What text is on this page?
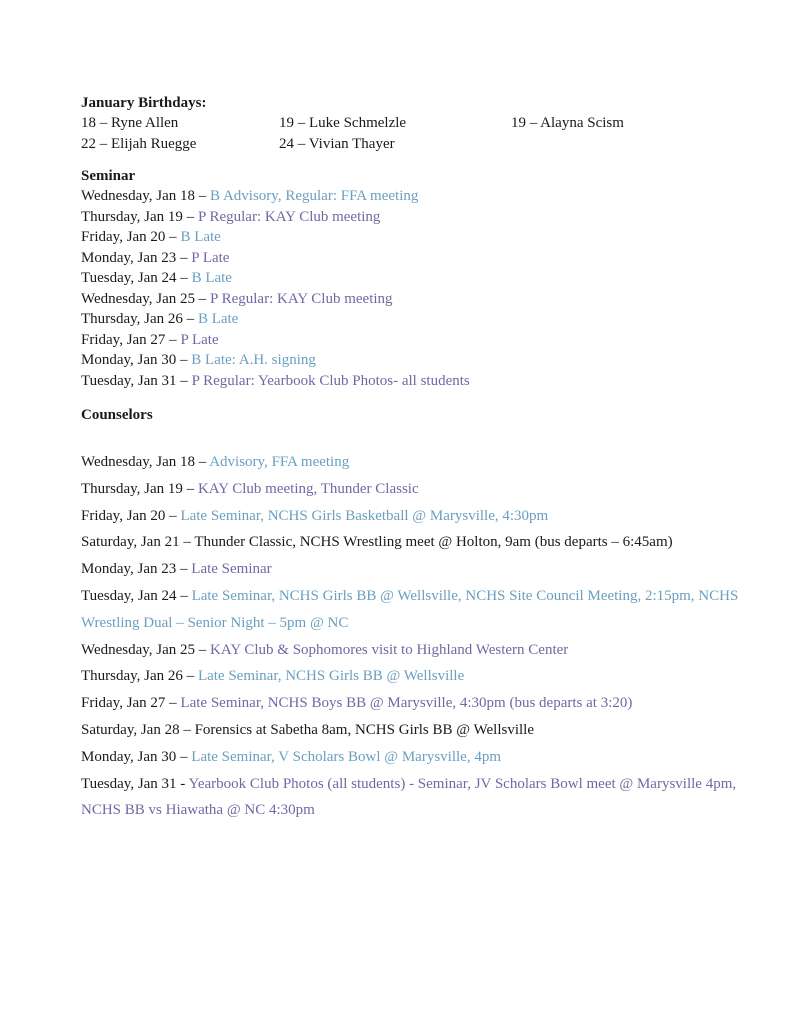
January Birthdays:
18 – Ryne Allen	19 – Luke Schmelzle	19 – Alayna Scism
22 – Elijah Ruegge	24 – Vivian Thayer
Seminar
Wednesday, Jan 18 – B Advisory, Regular: FFA meeting
Thursday, Jan 19 – P Regular: KAY Club meeting
Friday, Jan 20 – B Late
Monday, Jan 23 – P Late
Tuesday, Jan 24 – B Late
Wednesday, Jan 25 – P Regular: KAY Club meeting
Thursday, Jan 26 – B Late
Friday, Jan 27 – P Late
Monday, Jan 30 – B Late: A.H. signing
Tuesday, Jan 31 – P Regular: Yearbook Club Photos- all students
Counselors
Wednesday, Jan 18 – Advisory, FFA meeting
Thursday, Jan 19 – KAY Club meeting, Thunder Classic
Friday, Jan 20 – Late Seminar, NCHS Girls Basketball @ Marysville, 4:30pm
Saturday, Jan 21 – Thunder Classic, NCHS Wrestling meet @ Holton, 9am (bus departs – 6:45am)
Monday, Jan 23 – Late Seminar
Tuesday, Jan 24 – Late Seminar, NCHS Girls BB @ Wellsville, NCHS Site Council Meeting, 2:15pm, NCHS Wrestling Dual – Senior Night – 5pm @ NC
Wednesday, Jan 25 – KAY Club & Sophomores visit to Highland Western Center
Thursday, Jan 26 – Late Seminar, NCHS Girls BB @ Wellsville
Friday, Jan 27 – Late Seminar, NCHS Boys BB @ Marysville, 4:30pm (bus departs at 3:20)
Saturday, Jan 28 – Forensics at Sabetha 8am, NCHS Girls BB @ Wellsville
Monday, Jan 30 – Late Seminar, V Scholars Bowl @ Marysville, 4pm
Tuesday, Jan 31 - Yearbook Club Photos (all students) - Seminar, JV Scholars Bowl meet @ Marysville 4pm, NCHS BB vs Hiawatha @ NC 4:30pm
